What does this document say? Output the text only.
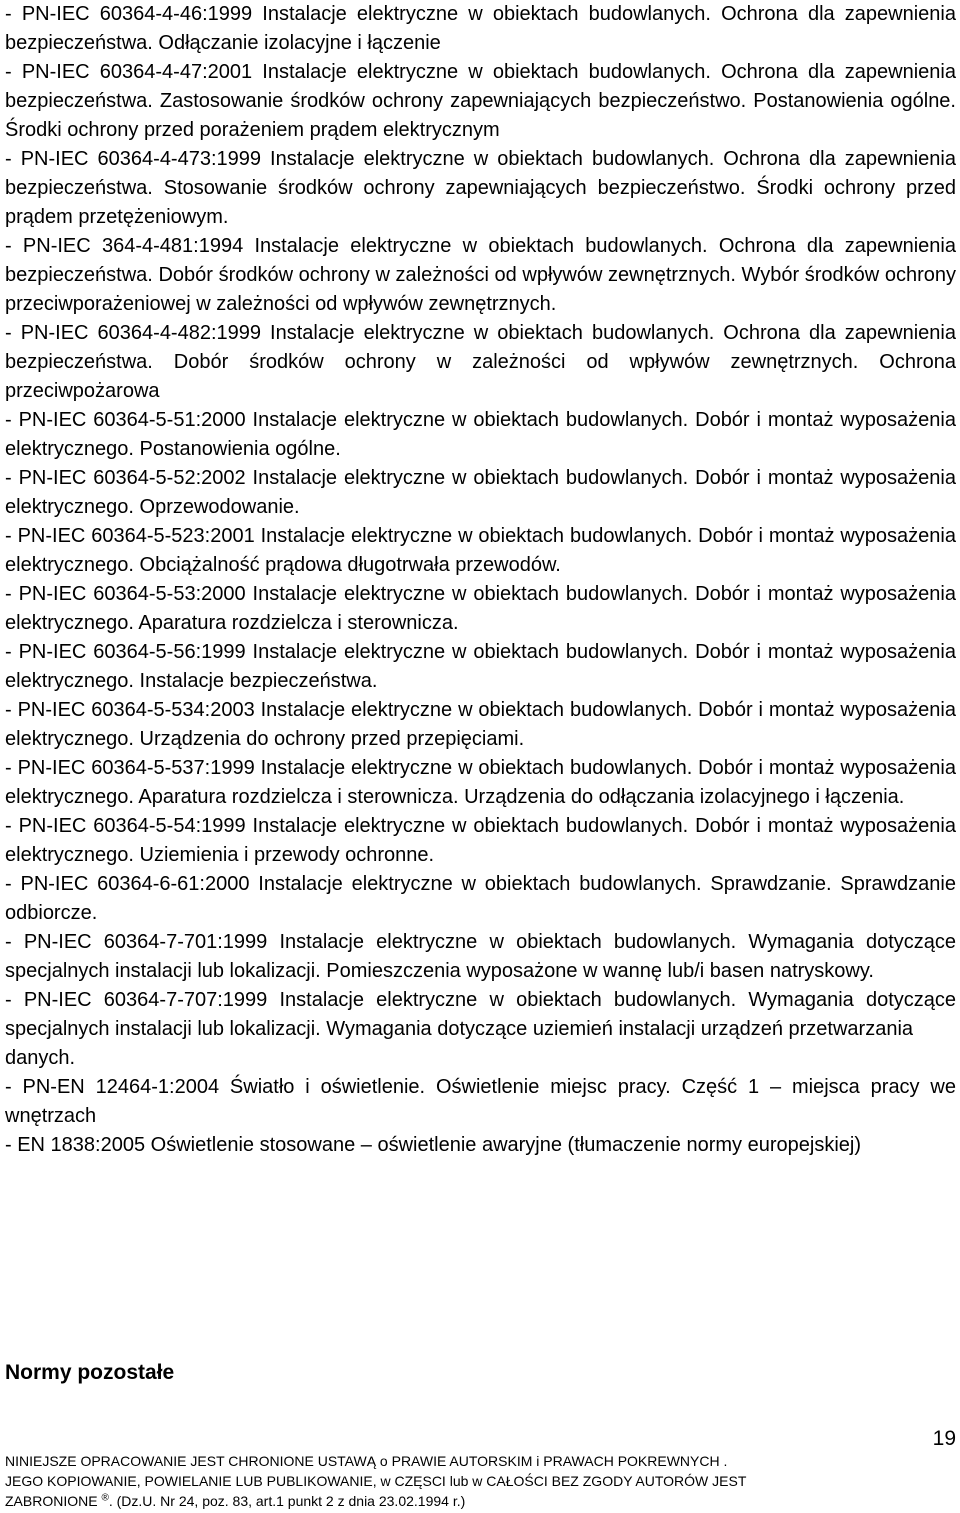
- PN-IEC 60364-4-46:1999 Instalacje elektryczne w obiektach budowlanych. Ochrona dla zapewnienia bezpieczeństwa. Odłączanie izolacyjne i łączenie

- PN-IEC 60364-4-47:2001 Instalacje elektryczne w obiektach budowlanych. Ochrona dla zapewnienia bezpieczeństwa. Zastosowanie środków ochrony zapewniających bezpieczeństwo. Postanowienia ogólne. Środki ochrony przed porażeniem prądem elektrycznym

- PN-IEC 60364-4-473:1999 Instalacje elektryczne w obiektach budowlanych. Ochrona dla zapewnienia bezpieczeństwa. Stosowanie środków ochrony zapewniających bezpieczeństwo. Środki ochrony przed prądem przetężeniowym.

- PN-IEC 364-4-481:1994 Instalacje elektryczne w obiektach budowlanych. Ochrona dla zapewnienia bezpieczeństwa. Dobór środków ochrony w zależności od wpływów zewnętrznych. Wybór środków ochrony przeciwporażeniowej w zależności od wpływów zewnętrznych.

- PN-IEC 60364-4-482:1999 Instalacje elektryczne w obiektach budowlanych. Ochrona dla zapewnienia bezpieczeństwa. Dobór środków ochrony w zależności od wpływów zewnętrznych. Ochrona przeciwpożarowa

- PN-IEC 60364-5-51:2000 Instalacje elektryczne w obiektach budowlanych. Dobór i montaż wyposażenia elektrycznego. Postanowienia ogólne.

- PN-IEC 60364-5-52:2002 Instalacje elektryczne w obiektach budowlanych. Dobór i montaż wyposażenia elektrycznego. Oprzewodowanie.

- PN-IEC 60364-5-523:2001 Instalacje elektryczne w obiektach budowlanych. Dobór i montaż wyposażenia elektrycznego. Obciążalność prądowa długotrwała przewodów.

- PN-IEC 60364-5-53:2000 Instalacje elektryczne w obiektach budowlanych. Dobór i montaż wyposażenia elektrycznego. Aparatura rozdzielcza i sterownicza.

- PN-IEC 60364-5-56:1999 Instalacje elektryczne w obiektach budowlanych. Dobór i montaż wyposażenia elektrycznego. Instalacje bezpieczeństwa.

- PN-IEC 60364-5-534:2003 Instalacje elektryczne w obiektach budowlanych. Dobór i montaż wyposażenia elektrycznego. Urządzenia do ochrony przed przepięciami.

- PN-IEC 60364-5-537:1999 Instalacje elektryczne w obiektach budowlanych. Dobór i montaż wyposażenia elektrycznego. Aparatura rozdzielcza i sterownicza. Urządzenia do odłączania izolacyjnego i łączenia.

- PN-IEC 60364-5-54:1999 Instalacje elektryczne w obiektach budowlanych. Dobór i montaż wyposażenia elektrycznego. Uziemienia i przewody ochronne.

- PN-IEC 60364-6-61:2000 Instalacje elektryczne w obiektach budowlanych. Sprawdzanie. Sprawdzanie odbiorcze.

- PN-IEC 60364-7-701:1999 Instalacje elektryczne w obiektach budowlanych. Wymagania dotyczące specjalnych instalacji lub lokalizacji. Pomieszczenia wyposażone w wannę lub/i basen natryskowy.

- PN-IEC 60364-7-707:1999 Instalacje elektryczne w obiektach budowlanych. Wymagania dotyczące specjalnych instalacji lub lokalizacji. Wymagania dotyczące uziemień instalacji urządzeń przetwarzania

danych.

- PN-EN 12464-1:2004 Światło i oświetlenie. Oświetlenie miejsc pracy. Część 1 – miejsca pracy we wnętrzach

- EN 1838:2005 Oświetlenie stosowane – oświetlenie awaryjne (tłumaczenie normy europejskiej)

Normy pozostałe
19
NINIEJSZE OPRACOWANIE JEST CHRONIONE USTAWĄ o PRAWIE AUTORSKIM i PRAWACH POKREWNYCH .
JEGO KOPIOWANIE, POWIELANIE LUB PUBLIKOWANIE, w CZĘSCI lub w CAŁOŚCI BEZ ZGODY AUTORÓW JEST
ZABRONIONE ®. (Dz.U. Nr 24, poz. 83, art.1 punkt 2 z dnia 23.02.1994 r.)
